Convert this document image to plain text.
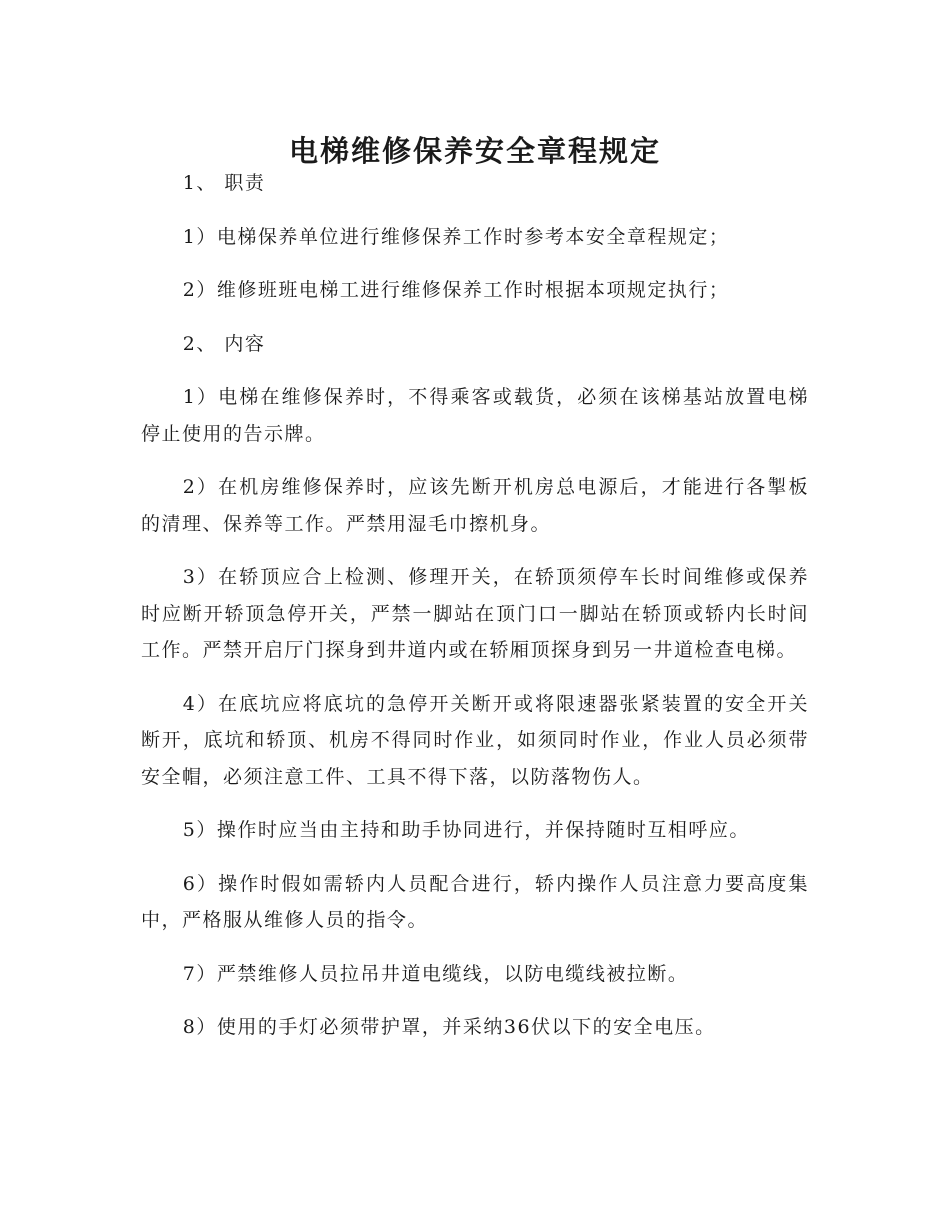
电梯维修保养安全章程规定

1、 职责

1）电梯保养单位进行维修保养工作时参考本安全章程规定；

2）维修班班电梯工进行维修保养工作时根据本项规定执行；

2、 内容

1）电梯在维修保养时，不得乘客或载货，必须在该梯基站放置电梯停止使用的告示牌。

2）在机房维修保养时，应该先断开机房总电源后，才能进行各掣板的清理、保养等工作。严禁用湿毛巾擦机身。

3）在轿顶应合上检测、修理开关，在轿顶须停车长时间维修或保养时应断开轿顶急停开关，严禁一脚站在顶门口一脚站在轿顶或轿内长时间工作。严禁开启厅门探身到井道内或在轿厢顶探身到另一井道检查电梯。

4）在底坑应将底坑的急停开关断开或将限速器张紧装置的安全开关断开，底坑和轿顶、机房不得同时作业，如须同时作业，作业人员必须带安全帽，必须注意工件、工具不得下落，以防落物伤人。

5）操作时应当由主持和助手协同进行，并保持随时互相呼应。

6）操作时假如需轿内人员配合进行，轿内操作人员注意力要高度集中，严格服从维修人员的指令。

7）严禁维修人员拉吊井道电缆线，以防电缆线被拉断。

8）使用的手灯必须带护罩，并采纳36伏以下的安全电压。
